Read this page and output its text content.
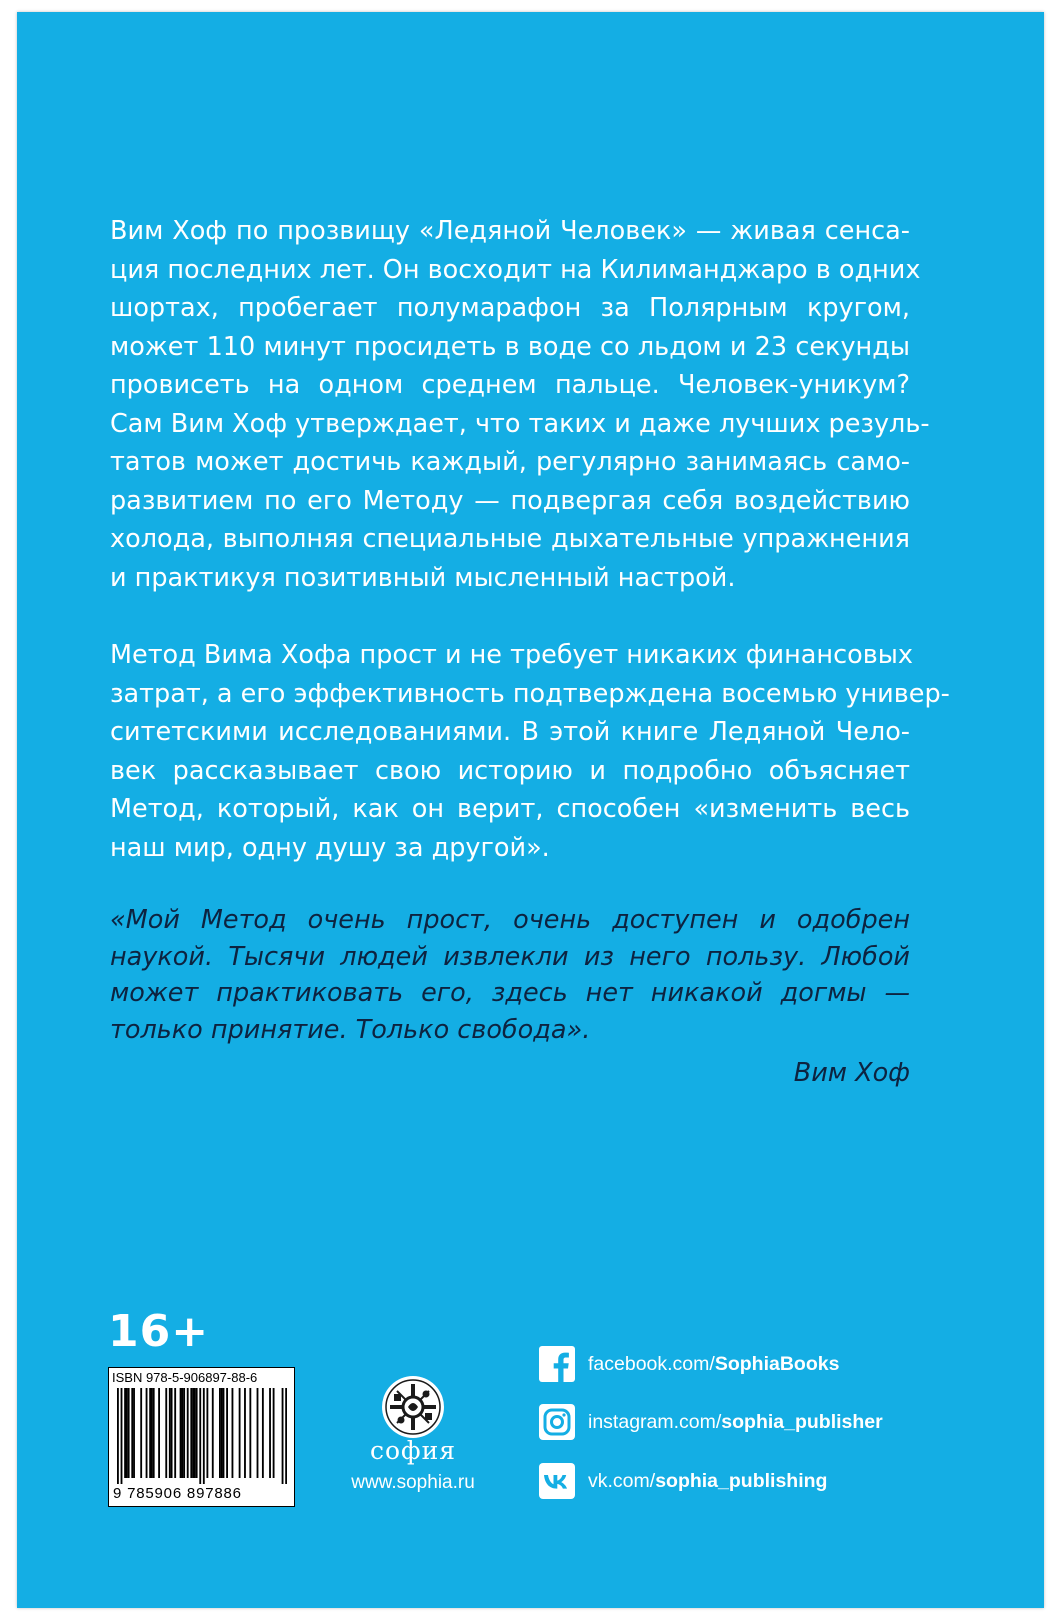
Вим Хоф по прозвищу «Ледяной Человек» — живая сенса-
ция последних лет. Он восходит на Килиманджаро в одних
шортах, пробегает полумарафон за Полярным кругом,
может 110 минут просидеть в воде со льдом и 23 секунды
провисеть на одном среднем пальце. Человек-уникум?
Сам Вим Хоф утверждает, что таких и даже лучших резуль-
татов может достичь каждый, регулярно занимаясь само-
развитием по его Методу — подвергая себя воздействию
холода, выполняя специальные дыхательные упражнения
и практикуя позитивный мысленный настрой.

Метод Вима Хофа прост и не требует никаких финансовых
затрат, а его эффективность подтверждена восемью универ-
ситетскими исследованиями. В этой книге Ледяной Чело-
век рассказывает свою историю и подробно объясняет
Метод, который, как он верит, способен «изменить весь
наш мир, одну душу за другой».

«Мой Метод очень прост, очень доступен и одобрен
наукой. Тысячи людей извлекли из него пользу. Любой
может практиковать его, здесь нет никакой догмы —
только принятие. Только свобода».

Вим Хоф
16+
ISBN 978-5-906897-88-6
9 785906 897886
софия
www.sophia.ru
facebook.com/SophiaBooks
instagram.com/sophia_publisher
vk.com/sophia_publishing
